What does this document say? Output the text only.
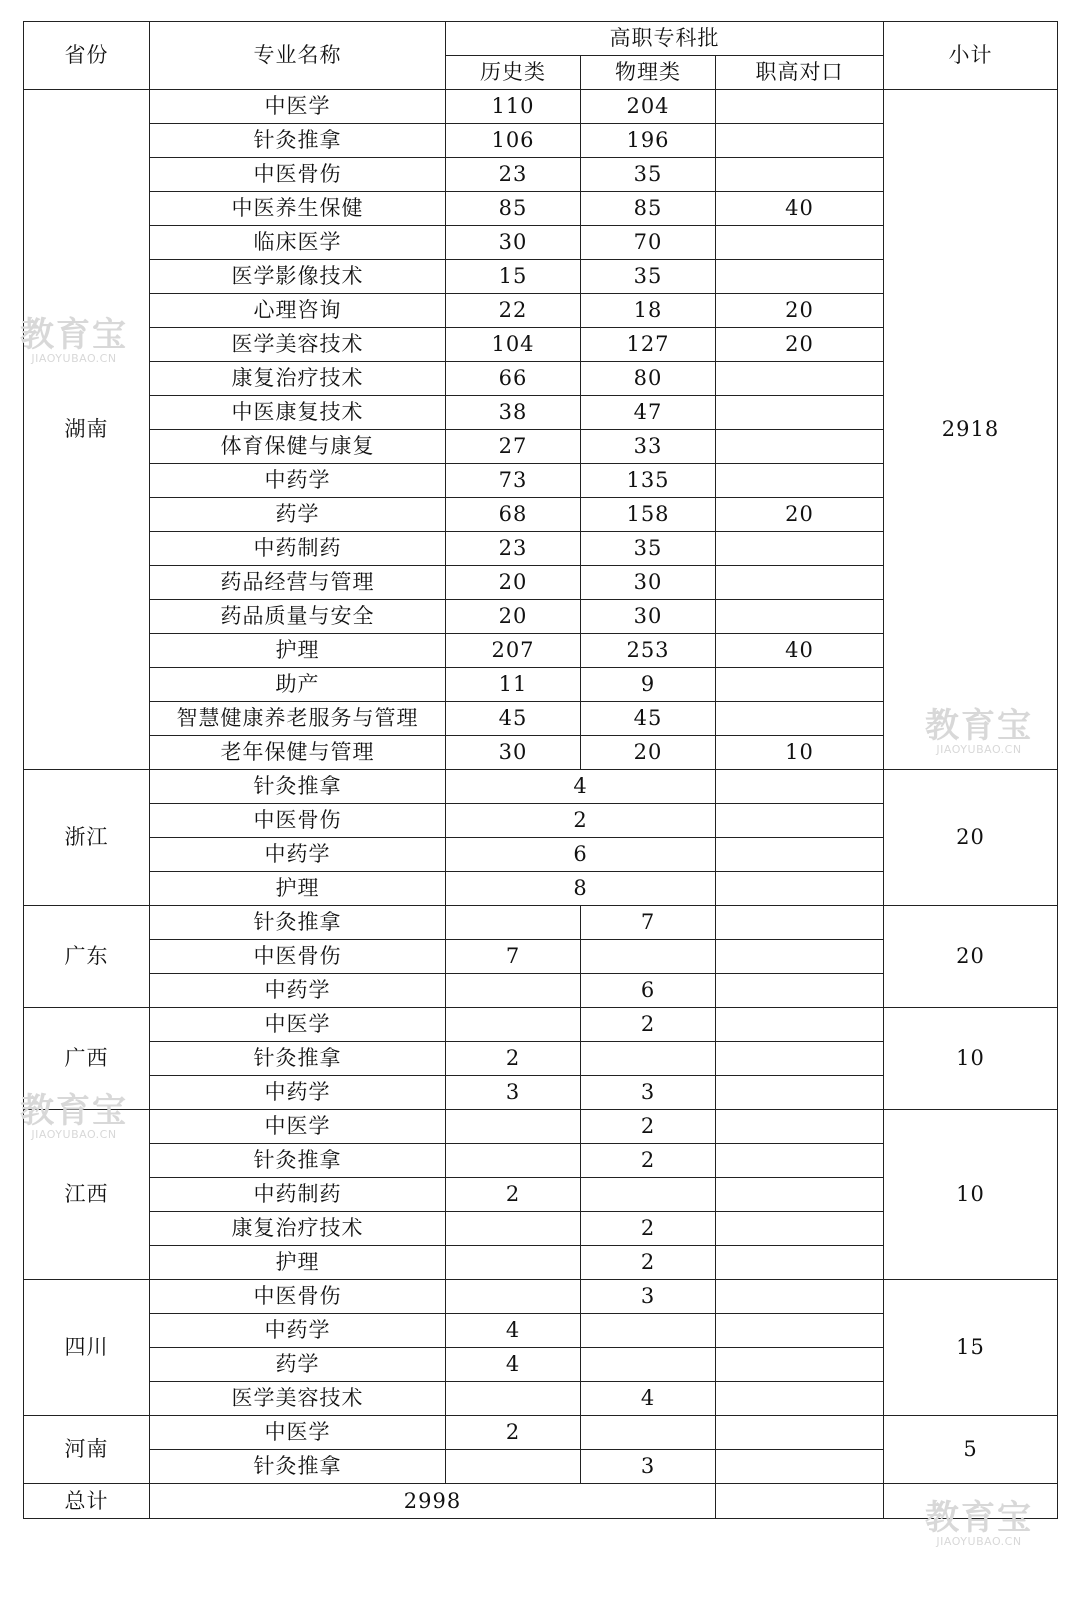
省份	专业名称	高职专科批			小计
		历史类	物理类	职高对口	
湖南	中医学	110	204		2918
	针灸推拿	106	196		
	中医骨伤	23	35		
	中医养生保健	85	85	40	
	临床医学	30	70		
	医学影像技术	15	35		
	心理咨询	22	18	20	
	医学美容技术	104	127	20	
	康复治疗技术	66	80		
	中医康复技术	38	47		
	体育保健与康复	27	33		
	中药学	73	135		
	药学	68	158	20	
	中药制药	23	35		
	药品经营与管理	20	30		
	药品质量与安全	20	30		
	护理	207	253	40	
	助产	11	9		
	智慧健康养老服务与管理	45	45		
	老年保健与管理	30	20	10	
浙江	针灸推拿	4			20
	中医骨伤	2			
	中药学	6			
	护理	8			
广东	针灸推拿		7		20
	中医骨伤	7			
	中药学		6		
广西	中医学		2		10
	针灸推拿	2			
	中药学	3	3		
江西	中医学		2		10
	针灸推拿		2		
	中药制药	2			
	康复治疗技术		2		
	护理		2		
四川	中医骨伤		3		15
	中药学	4			
	药学	4			
	医学美容技术		4		
河南	中医学	2			5
	针灸推拿		3		
总计	2998				
教育宝
JIAOYUBAO.CN
教育宝
JIAOYUBAO.CN
教育宝
JIAOYUBAO.CN
教育宝
JIAOYUBAO.CN
